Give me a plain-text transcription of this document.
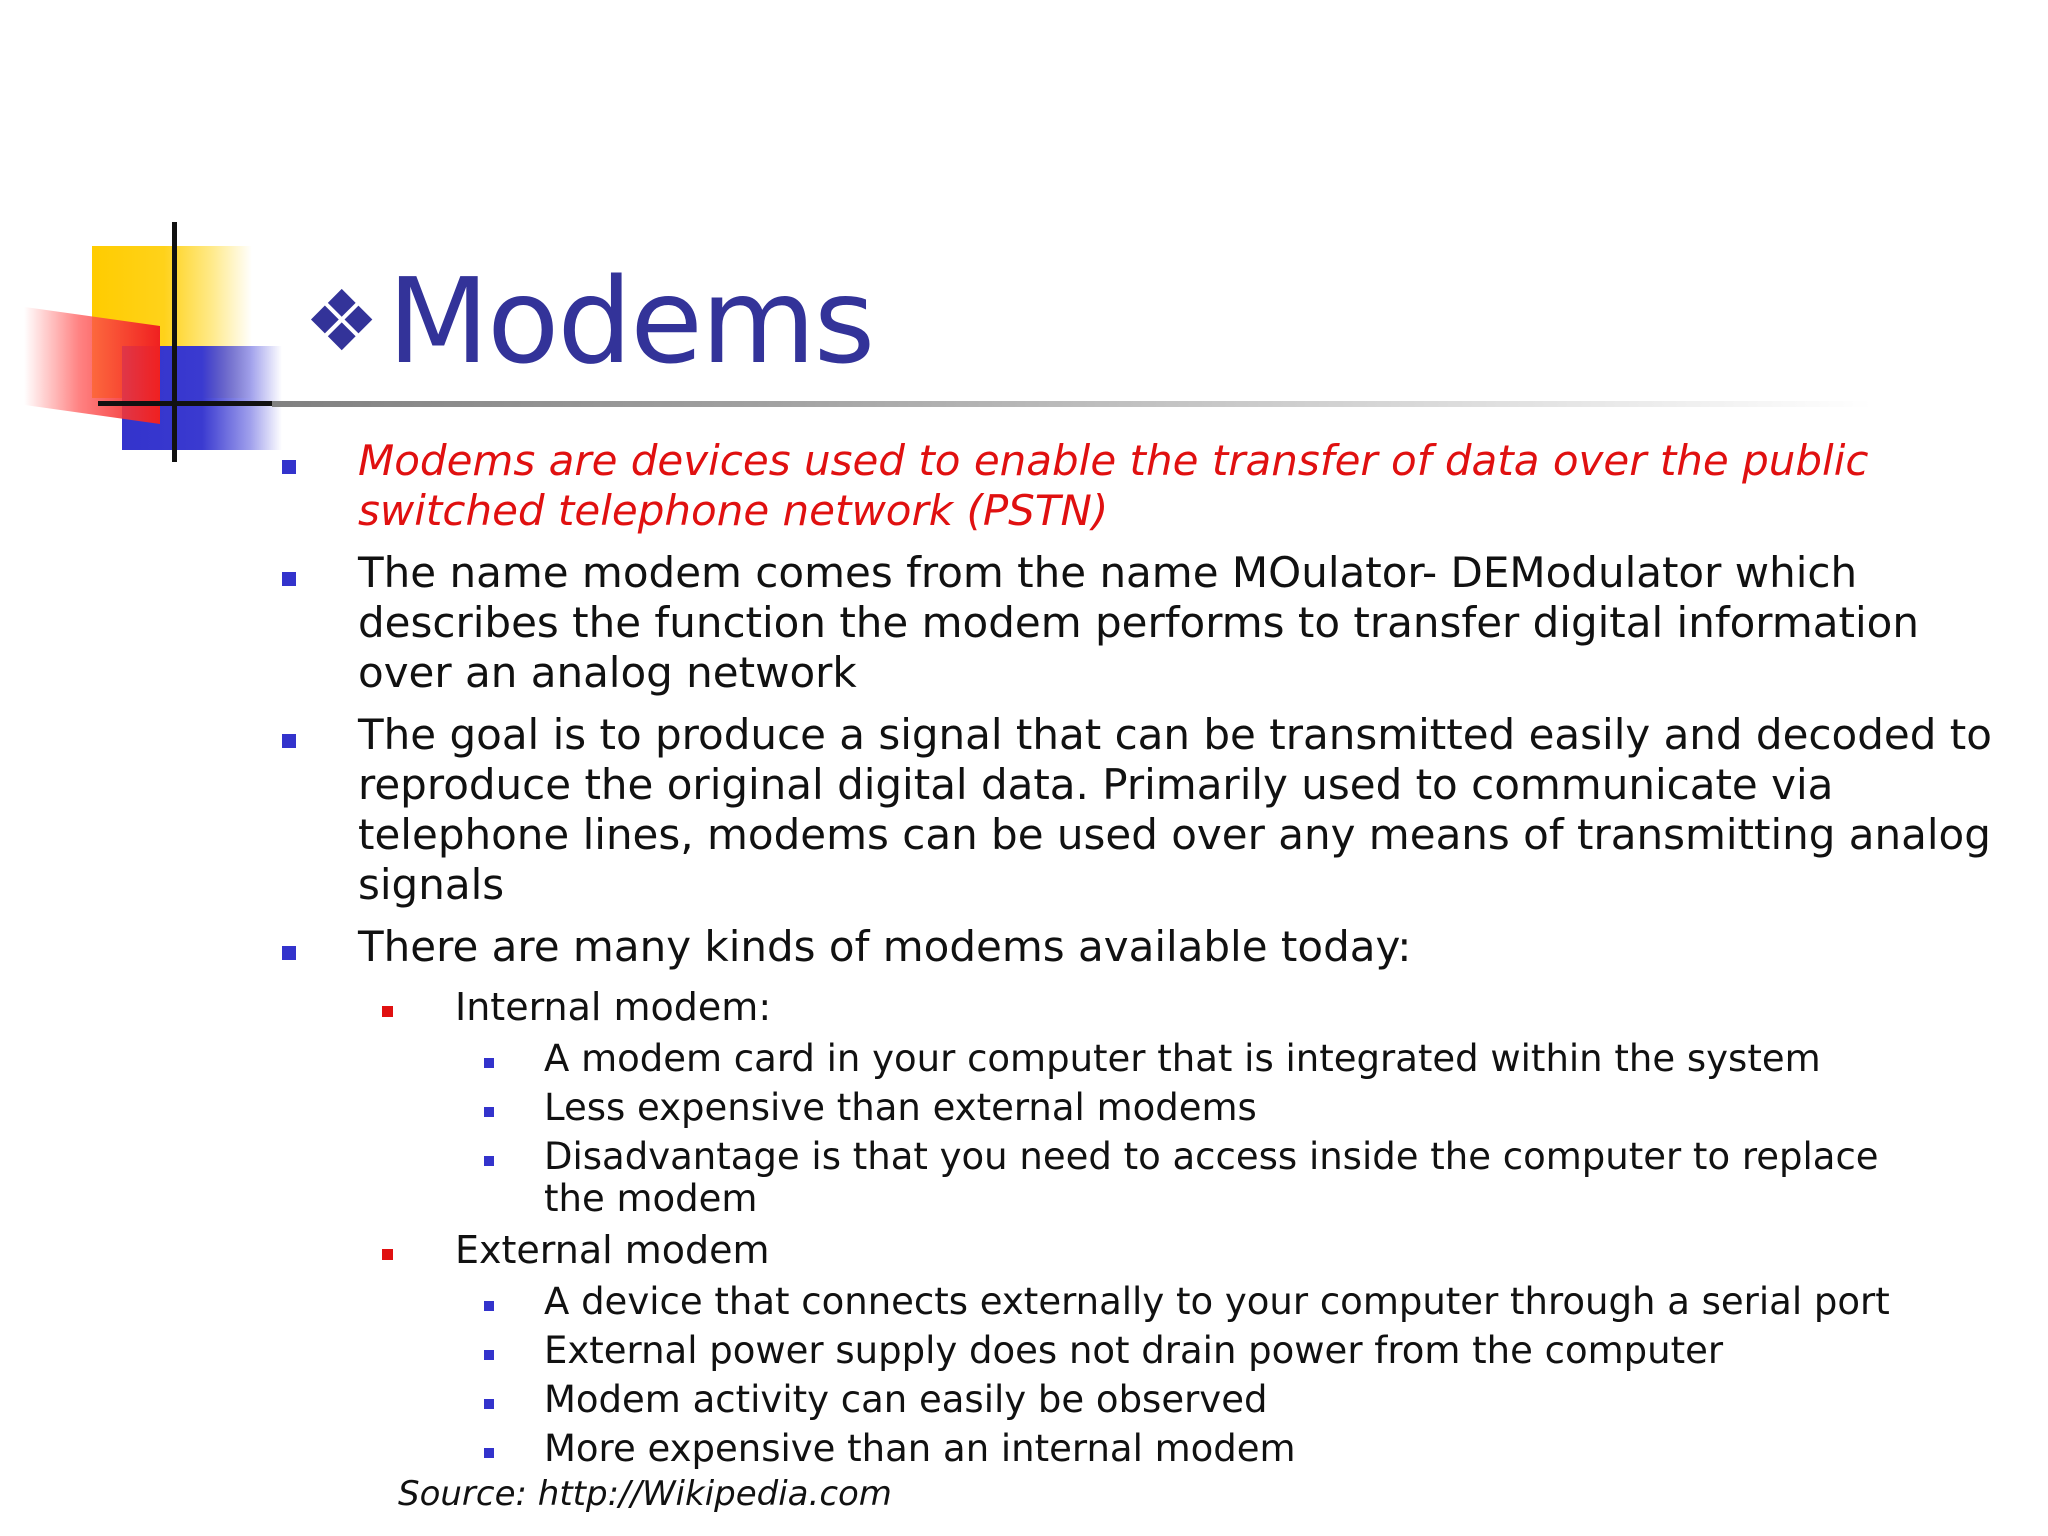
❖ Modems
Modems are devices used to enable the transfer of data over the public switched telephone network (PSTN)
The name modem comes from the name MOulator- DEModulator which describes the function the modem performs to transfer digital information over an analog network
The goal is to produce a signal that can be transmitted easily and decoded to reproduce the original digital data. Primarily used to communicate via telephone lines, modems can be used over any means of transmitting analog signals
There are many kinds of modems available today:
Internal modem:
A modem card in your computer that is integrated within the system
Less expensive than external modems
Disadvantage is that you need to access inside the computer to replace the modem
External modem
A device that connects externally to your computer through a serial port
External power supply does not drain power from the computer
Modem activity can easily be observed
More expensive than an internal modem
Source: http://Wikipedia.com
